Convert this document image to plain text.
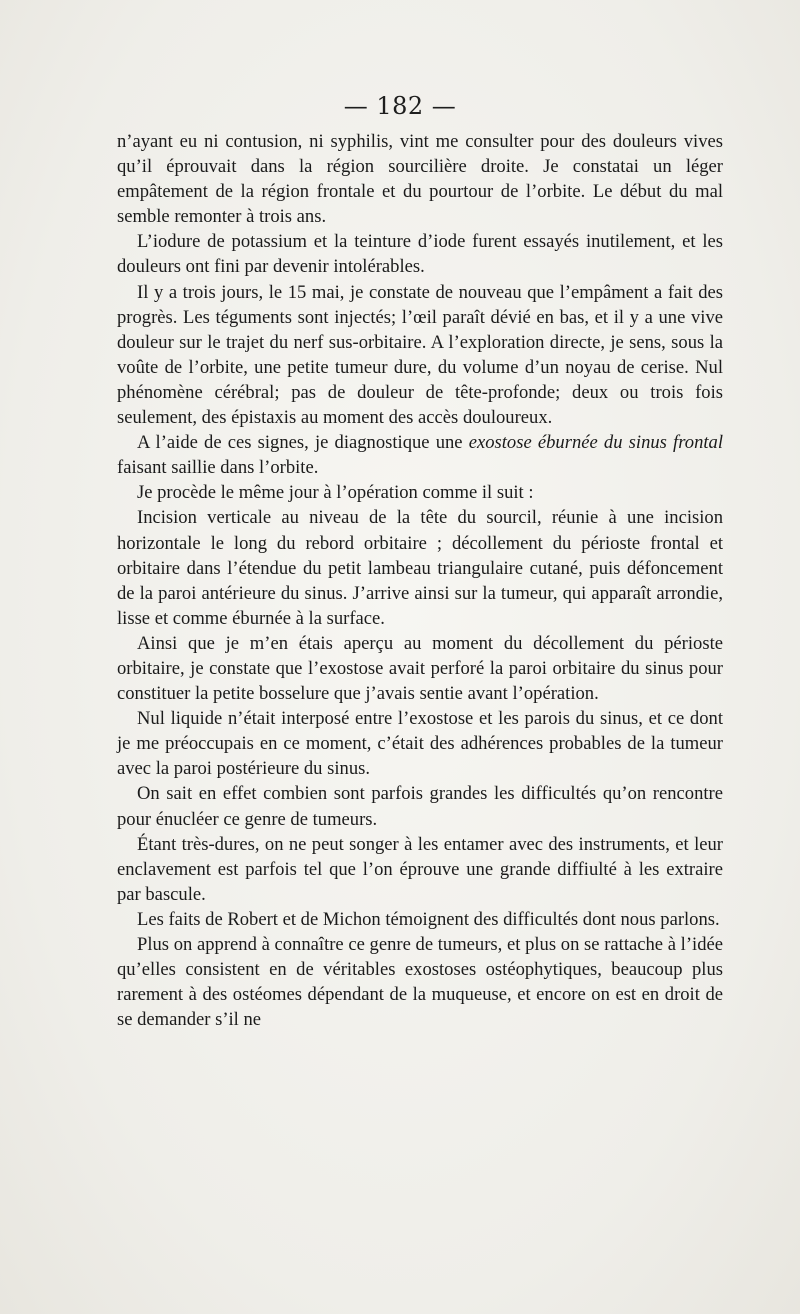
— 182 —

n’ayant eu ni contusion, ni syphilis, vint me consulter pour des douleurs vives qu’il éprouvait dans la région sourcilière droite. Je constatai un léger empâtement de la région frontale et du pourtour de l’orbite. Le début du mal semble remonter à trois ans.

L’iodure de potassium et la teinture d’iode furent essayés inutilement, et les douleurs ont fini par devenir intolérables.

Il y a trois jours, le 15 mai, je constate de nouveau que l’empâment a fait des progrès. Les téguments sont injectés; l’œil paraît dévié en bas, et il y a une vive douleur sur le trajet du nerf sus-orbitaire. A l’exploration directe, je sens, sous la voûte de l’orbite, une petite tumeur dure, du volume d’un noyau de cerise. Nul phénomène cérébral; pas de douleur de tête-profonde; deux ou trois fois seulement, des épistaxis au moment des accès douloureux.

A l’aide de ces signes, je diagnostique une exostose éburnée du sinus frontal faisant saillie dans l’orbite.

Je procède le même jour à l’opération comme il suit :

Incision verticale au niveau de la tête du sourcil, réunie à une incision horizontale le long du rebord orbitaire ; décollement du périoste frontal et orbitaire dans l’étendue du petit lambeau triangulaire cutané, puis défoncement de la paroi antérieure du sinus. J’arrive ainsi sur la tumeur, qui apparaît arrondie, lisse et comme éburnée à la surface.

Ainsi que je m’en étais aperçu au moment du décollement du périoste orbitaire, je constate que l’exostose avait perforé la paroi orbitaire du sinus pour constituer la petite bosselure que j’avais sentie avant l’opération.

Nul liquide n’était interposé entre l’exostose et les parois du sinus, et ce dont je me préoccupais en ce moment, c’était des adhérences probables de la tumeur avec la paroi postérieure du sinus.

On sait en effet combien sont parfois grandes les difficultés qu’on rencontre pour énucléer ce genre de tumeurs.

Étant très-dures, on ne peut songer à les entamer avec des instruments, et leur enclavement est parfois tel que l’on éprouve une grande diffiulté à les extraire par bascule.

Les faits de Robert et de Michon témoignent des difficultés dont nous parlons.

Plus on apprend à connaître ce genre de tumeurs, et plus on se rattache à l’idée qu’elles consistent en de véritables exostoses ostéophytiques, beaucoup plus rarement à des ostéomes dépendant de la muqueuse, et encore on est en droit de se demander s’il ne
